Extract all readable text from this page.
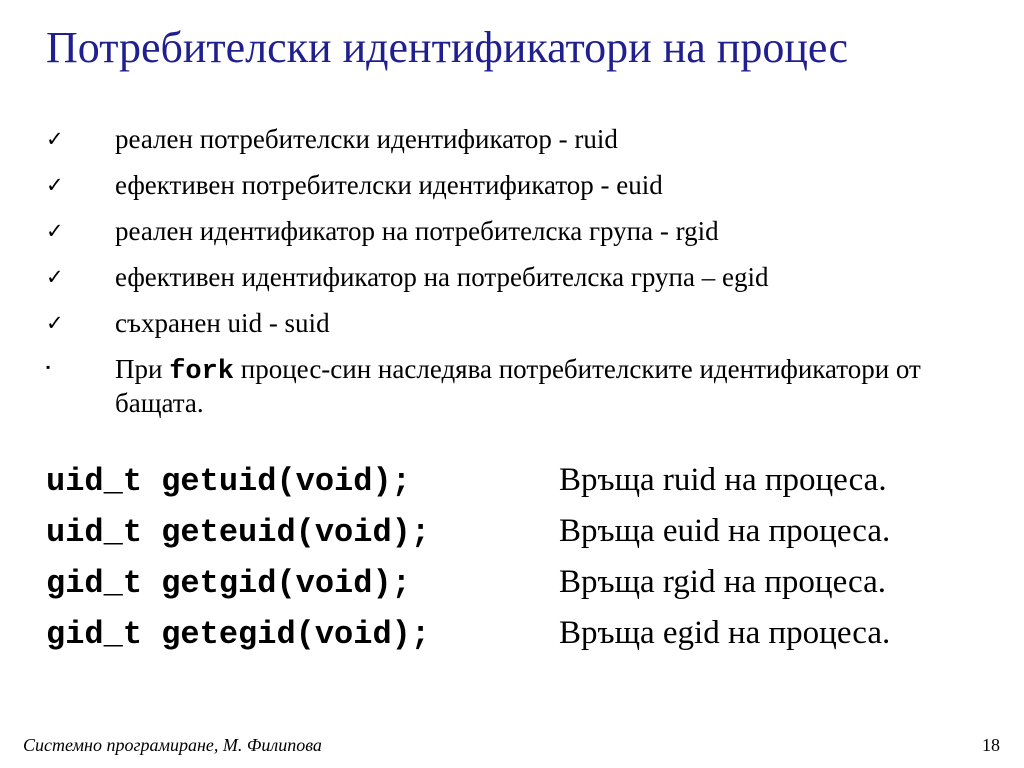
Потребителски идентификатори на процес
✓	реален потребителски идентификатор - ruid
✓	ефективен потребителски идентификатор - euid
✓	реален идентификатор на потребителска група - rgid
✓	ефективен идентификатор на потребителска група – egid
✓	съхранен uid - suid
▪	При fork процес-син наследява потребителските идентификатори от бащата.
uid_t getuid(void);	Връща ruid на процеса.
uid_t geteuid(void);	Връща euid на процеса.
gid_t getgid(void);	Връща rgid на процеса.
gid_t getegid(void);	Връща egid на процеса.
Системно програмиране, М. Филипова	18
